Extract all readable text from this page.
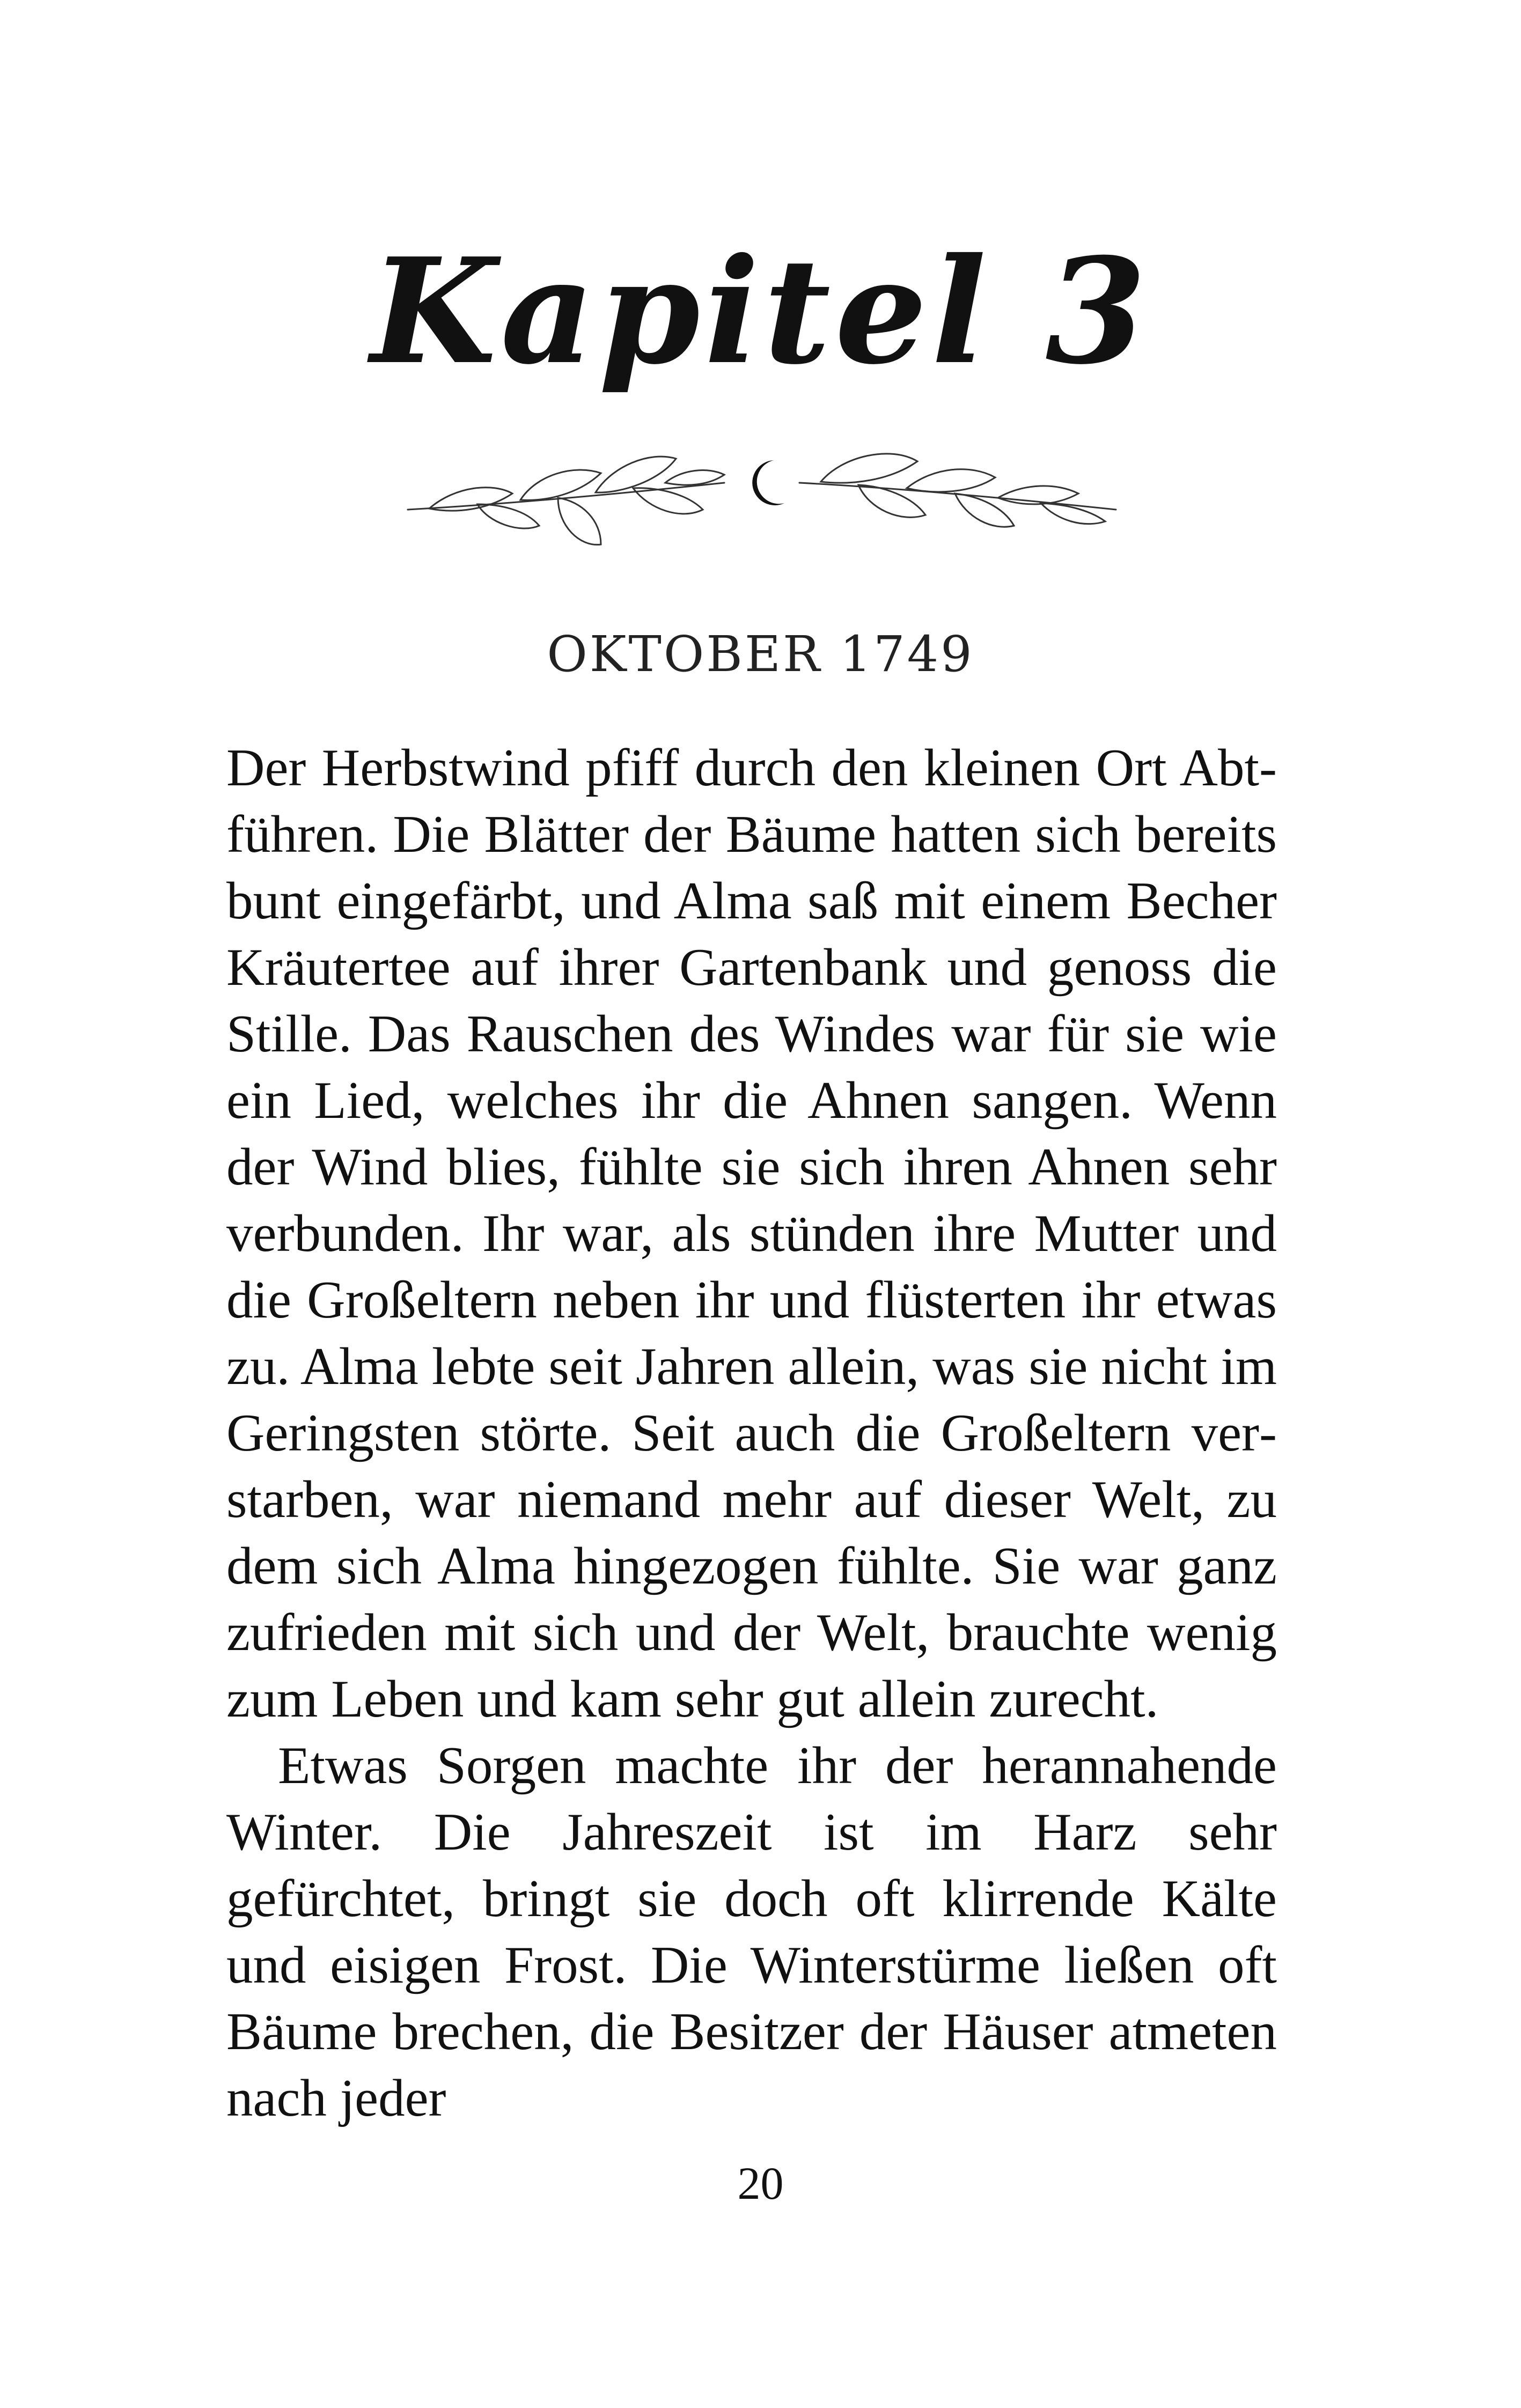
Kapitel 3
OKTOBER 1749

Der Herbstwind pfiff durch den kleinen Ort Abtführen. Die Blätter der Bäume hatten sich bereits bunt eingefärbt, und Alma saß mit einem Becher Kräutertee auf ihrer Gartenbank und genoss die Stille. Das Rauschen des Windes war für sie wie ein Lied, welches ihr die Ahnen sangen. Wenn der Wind blies, fühlte sie sich ihren Ahnen sehr verbunden. Ihr war, als stünden ihre Mutter und die Großeltern neben ihr und flüsterten ihr etwas zu. Alma lebte seit Jahren allein, was sie nicht im Geringsten störte. Seit auch die Großeltern verstarben, war niemand mehr auf dieser Welt, zu dem sich Alma hingezogen fühlte. Sie war ganz zufrieden mit sich und der Welt, brauchte wenig zum Leben und kam sehr gut allein zurecht.

Etwas Sorgen machte ihr der herannahende Winter. Die Jahreszeit ist im Harz sehr gefürchtet, bringt sie doch oft klirrende Kälte und eisigen Frost. Die Winterstürme ließen oft Bäume brechen, die Besitzer der Häuser atmeten nach jeder

20
